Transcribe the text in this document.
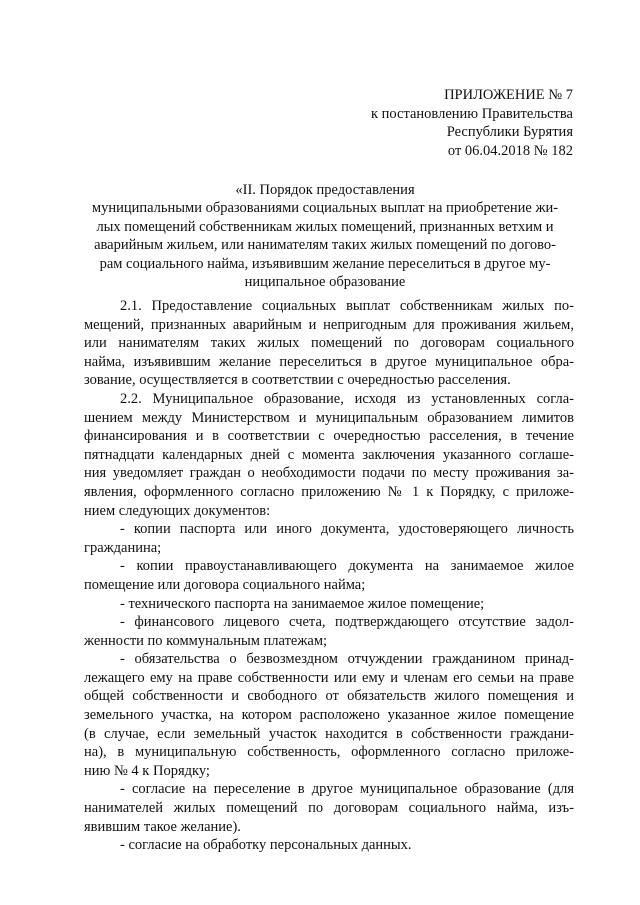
ПРИЛОЖЕНИЕ № 7
к постановлению Правительства
Республики Бурятия
от 06.04.2018 № 182
«II. Порядок предоставления
муниципальными образованиями социальных выплат на приобретение жи-
лых помещений собственникам жилых помещений, признанных ветхим и
аварийным жильем, или нанимателям таких жилых помещений по догово-
рам социального найма, изъявившим желание переселиться в другое му-
ниципальное образование
2.1. Предоставление социальных выплат собственникам жилых по-
мещений, признанных аварийным и непригодным для проживания жильем,
или нанимателям таких жилых помещений по договорам социального
найма, изъявившим желание переселиться в другое муниципальное обра-
зование, осуществляется в соответствии с очередностью расселения.
2.2. Муниципальное образование, исходя из установленных согла-
шением между Министерством и муниципальным образованием лимитов
финансирования и в соответствии с очередностью расселения, в течение
пятнадцати календарных дней с момента заключения указанного соглаше-
ния уведомляет граждан о необходимости подачи по месту проживания за-
явления, оформленного согласно приложению № 1 к Порядку, с приложе-
нием следующих документов:
- копии паспорта или иного документа, удостоверяющего личность
гражданина;
- копии правоустанавливающего документа на занимаемое жилое
помещение или договора социального найма;
- технического паспорта на занимаемое жилое помещение;
- финансового лицевого счета, подтверждающего отсутствие задол-
женности по коммунальным платежам;
- обязательства о безвозмездном отчуждении гражданином принад-
лежащего ему на праве собственности или ему и членам его семьи на праве
общей собственности и свободного от обязательств жилого помещения и
земельного участка, на котором расположено указанное жилое помещение
(в случае, если земельный участок находится в собственности граждани-
на), в муниципальную собственность, оформленного согласно приложе-
нию № 4 к Порядку;
- согласие на переселение в другое муниципальное образование (для
нанимателей жилых помещений по договорам социального найма, изъ-
явившим такое желание).
- согласие на обработку персональных данных.
